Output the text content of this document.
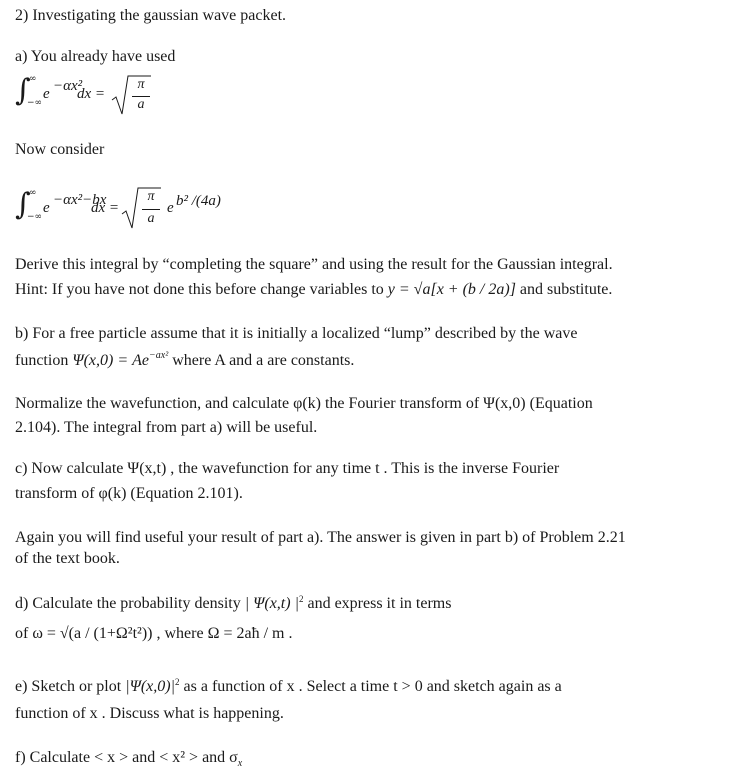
2) Investigating the gaussian wave packet.
a) You already have used
∫
∞
−∞
e −αx²
dx =
π
a
Now consider
∫
∞
−∞
e −αx²−bx
dx =
π
a
e b² /(4a)
Derive this integral by “completing the square” and using the result for the Gaussian integral.
Hint: If you have not done this before change variables to y = √a[x + (b / 2a)] and substitute.
b) For a free particle assume that it is initially a localized “lump” described by the wave
function $\Psi(x,0) = Ae^{-ax^2}$ where A and a are constants.
Normalize the wavefunction, and calculate φ(k) the Fourier transform of Ψ(x,0) (Equation
2.104). The integral from part a) will be useful.
c) Now calculate Ψ(x,t) , the wavefunction for any time t . This is the inverse Fourier
transform of φ(k) (Equation 2.101).
Again you will find useful your result of part a). The answer is given in part b) of Problem 2.21
of the text book.
d) Calculate the probability density | Ψ(x,t) $|^2$ and express it in terms
of ω = √(a / (1+Ω²t²)) , where Ω = 2aħ / m .
e) Sketch or plot $|\Psi(x,0)|^2$ as a function of x . Select a time t > 0 and sketch again as a
function of x . Discuss what is happening.
f) Calculate < x > and < x² > and $\sigma_x$
